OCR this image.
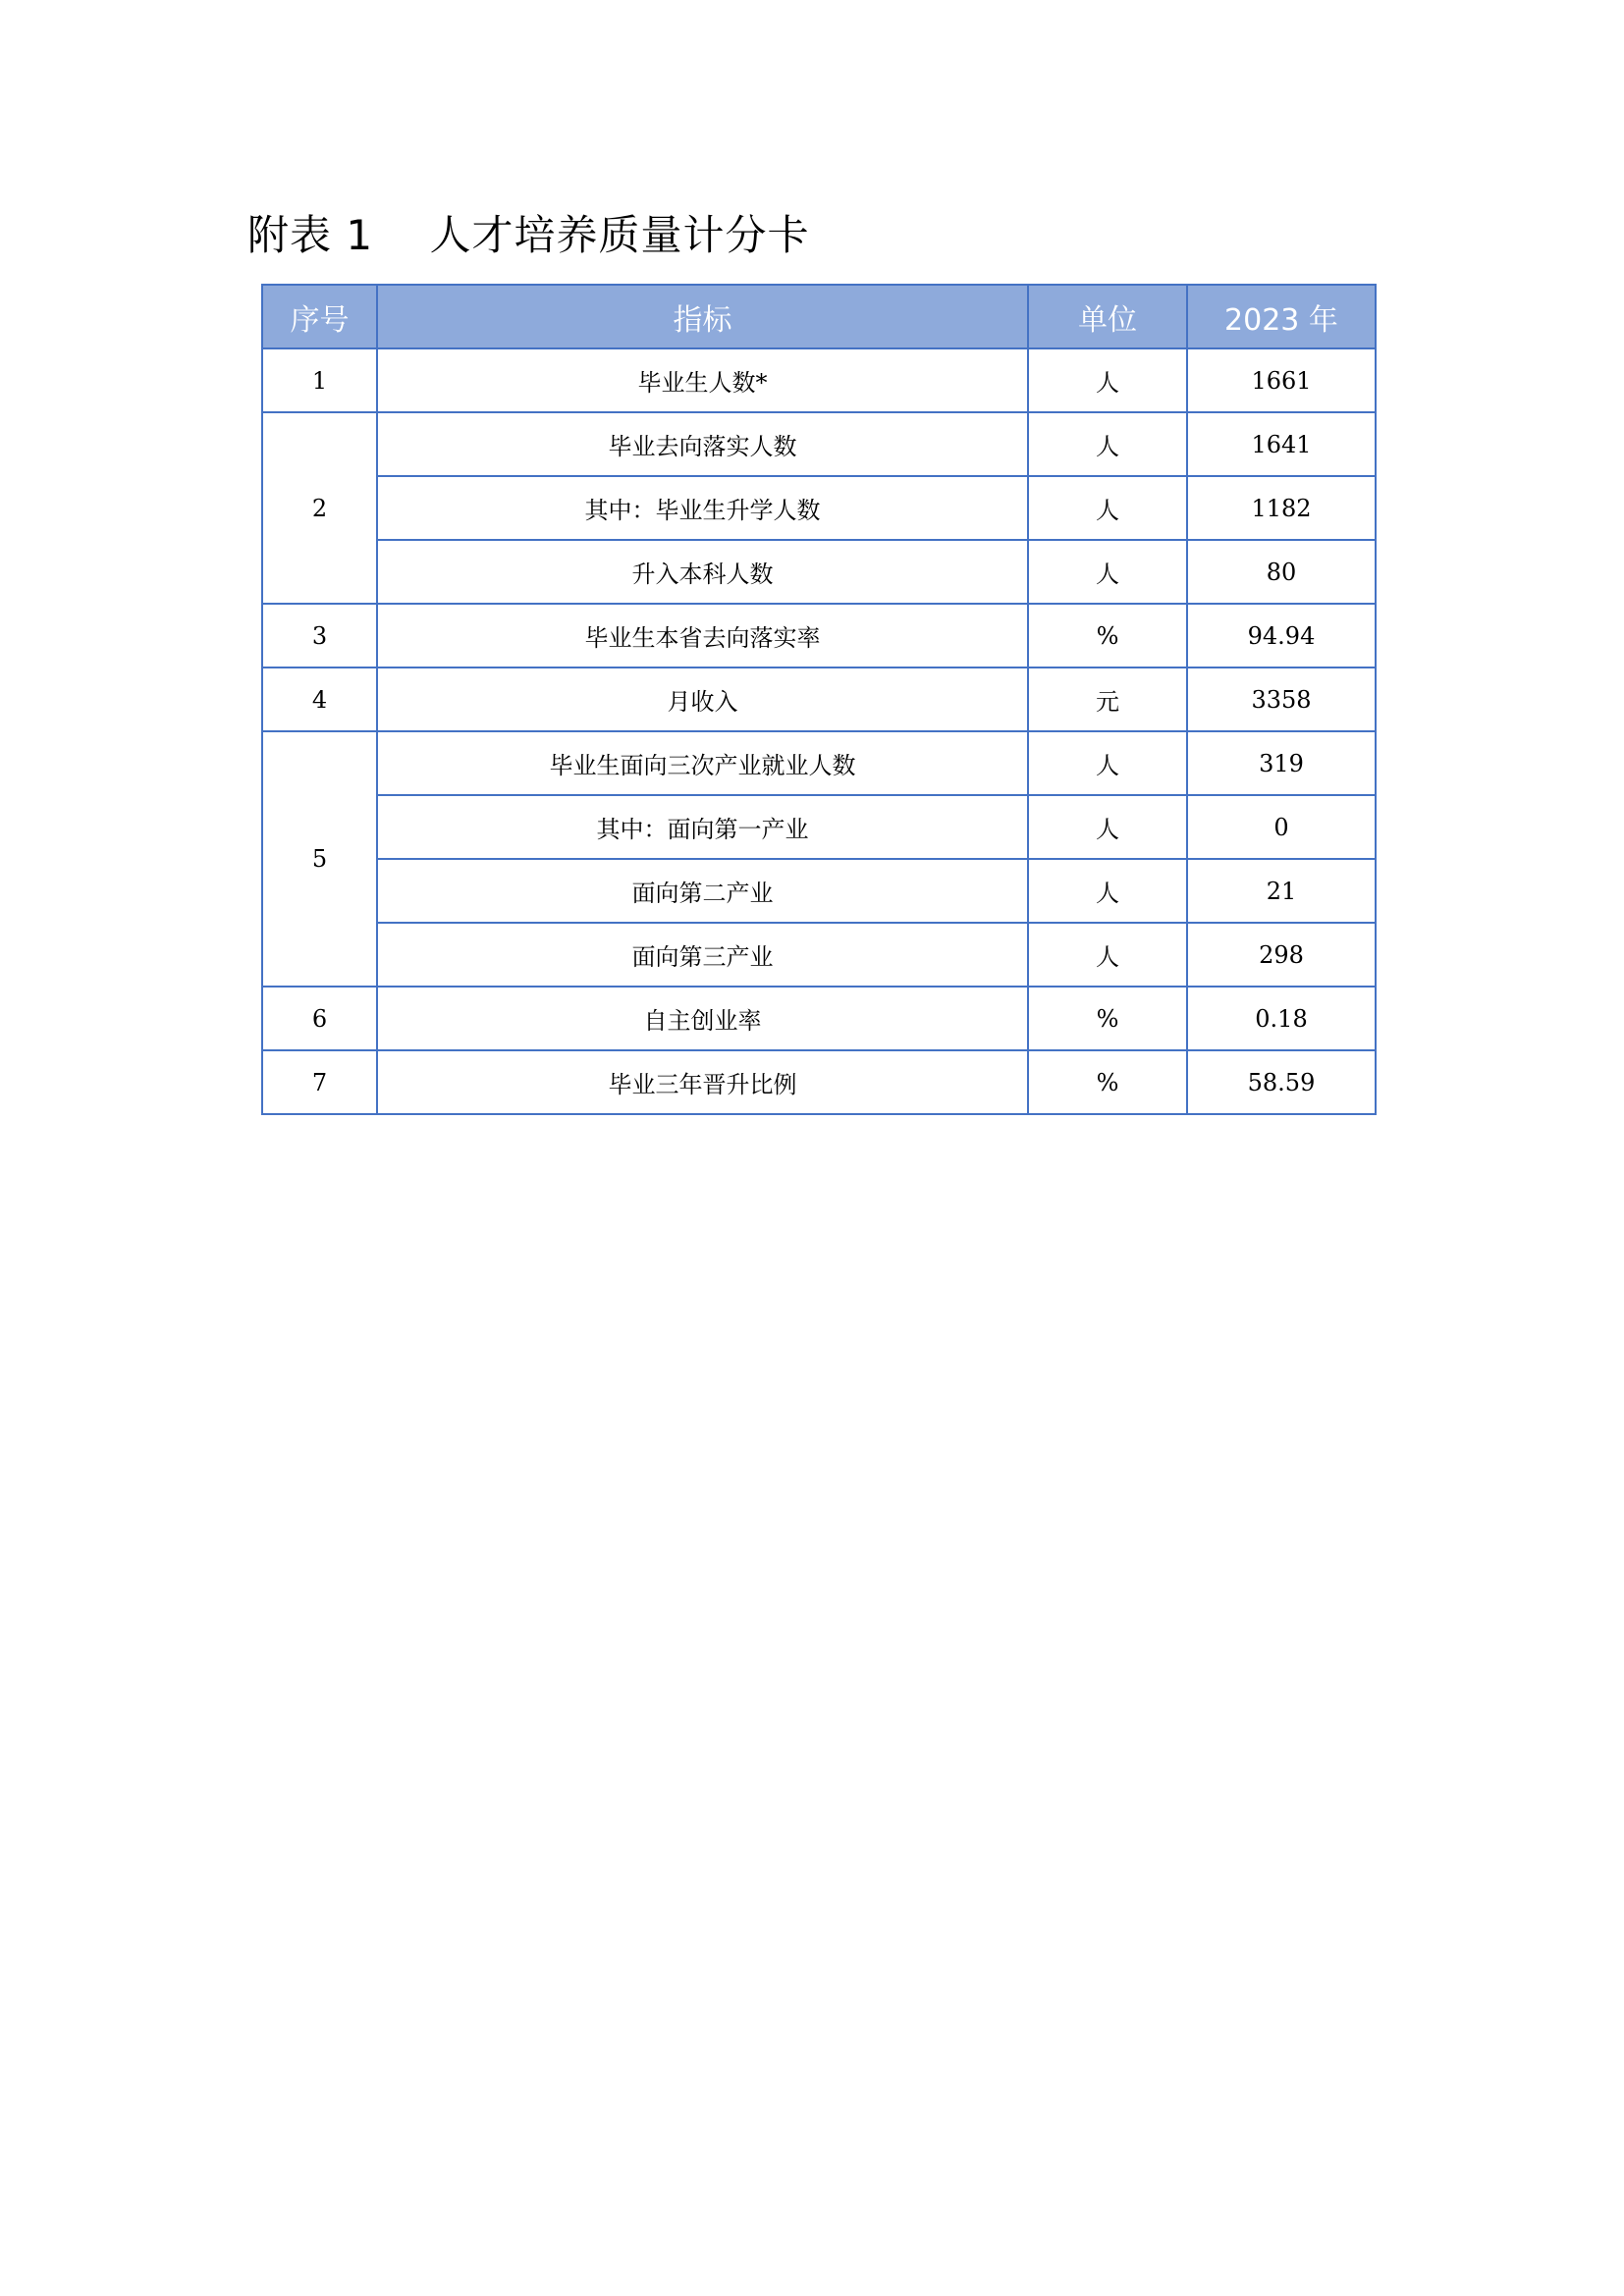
附表 1    人才培养质量计分卡
序号	指标	单位	2023 年
1	毕业生人数*	人	1661
2	毕业去向落实人数	人	1641
	其中：毕业生升学人数	人	1182
	升入本科人数	人	80
3	毕业生本省去向落实率	%	94.94
4	月收入	元	3358
5	毕业生面向三次产业就业人数	人	319
	其中：面向第一产业	人	0
	面向第二产业	人	21
	面向第三产业	人	298
6	自主创业率	%	0.18
7	毕业三年晋升比例	%	58.59
